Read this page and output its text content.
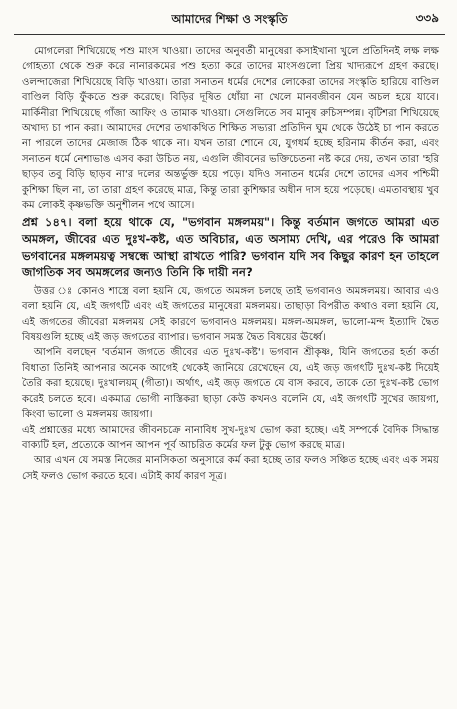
আমাদের শিক্ষা ও সংস্কৃতি	৩৩৯

মোগলেরা শিখিয়েছে পশু মাংস খাওয়া। তাদের অনুবর্তী মানুষেরা কসাইখানা খুলে প্রতিদিনই লক্ষ লক্ষ গোহত্যা থেকে শুরু করে নানারকমের পশু হত্যা করে তাদের মাংসগুলো প্রিয় খাদ্যরূপে গ্রহণ করছে। ওলন্দাজেরা শিখিয়েছে বিড়ি খাওয়া। তারা সনাতন ধর্মের দেশের লোকেরা তাদের সংস্কৃতি হারিয়ে বাণ্ডিল বাণ্ডিল বিড়ি ফুঁকতে শুরু করেছে। বিড়ির দূষিত ধোঁয়া না খেলে মানবজীবন যেন অচল হয়ে যাবে। মার্কিনীরা শিখিয়েছে গাঁজা আফিং ও তামাক খাওয়া। সেগুলিতে সব মানুষ রুচিসম্পন্ন। বৃটিশরা শিখিয়েছে অখাদ্য চা পান করা। আমাদের দেশের তথাকথিত শিক্ষিত সভ্যরা প্রতিদিন ঘুম থেকে উঠেই চা পান করতে না পারলে তাদের মেজাজ ঠিক থাকে না। যখন তারা শোনে যে, যুগধর্ম হচ্ছে হরিনাম কীর্তন করা, এবং সনাতন ধর্মে নেশাভাঙ এসব করা উচিত নয়, এগুলি জীবনের ভক্তিচেতনা নষ্ট করে দেয়, তখন তারা 'হরি ছাড়ব তবু বিড়ি ছাড়ব না'র দলের অন্তর্ভুক্ত হয়ে পড়ে। যদিও সনাতন ধর্মের দেশে তাদের এসব পশ্চিমী কুশিক্ষা ছিল না, তা তারা গ্রহণ করেছে মাত্র, কিন্তু তারা কুশিক্ষার অধীন দাস হয়ে পড়েছে। এমতাবস্থায় খুব কম লোকই কৃষ্ণভক্তি অনুশীলন পথে আসে।

প্রশ্ন ১৪৭। বলা হয়ে থাকে যে, "ভগবান মঙ্গলময়"। কিন্তু বর্তমান জগতে আমরা এত অমঙ্গল, জীবের এত দুঃখ-কষ্ট, এত অবিচার, এত অসাম্য দেখি, এর পরেও কি আমরা ভগবানের মঙ্গলময়ত্ব সম্বন্ধে আস্থা রাখতে পারি? ভগবান যদি সব কিছুর কারণ হন তাহলে জাগতিক সব অমঙ্গলের জন্যও তিনি কি দায়ী নন?

উত্তর ঃ কোনও শাস্ত্রে বলা হয়নি যে, জগতে অমঙ্গল চলছে তাই ভগবানও অমঙ্গলময়। আবার এও বলা হয়নি যে, এই জগৎটি এবং এই জগতের মানুষেরা মঙ্গলময়। তাছাড়া বিপরীত কথাও বলা হয়নি যে, এই জগতের জীবেরা মঙ্গলময় সেই কারণে ভগবানও মঙ্গলময়। মঙ্গল-অমঙ্গল, ভালো-মন্দ ইত্যাদি দ্বৈত বিষয়গুলি হচ্ছে এই জড় জগতের ব্যাপার। ভগবান সমস্ত দ্বৈত বিষয়ের ঊর্ধ্বে।

আপনি বলছেন 'বর্তমান জগতে জীবের এত দুঃখ-কষ্ট'। ভগবান শ্রীকৃষ্ণ, যিনি জগতের হর্তা কর্তা বিধাতা তিনিই আপনার অনেক আগেই থেকেই জানিয়ে রেখেছেন যে, এই জড় জগৎটি দুঃখ-কষ্ট দিয়েই তৈরি করা হয়েছে। দুঃখালয়ম্ (গীতা)। অর্থাৎ, এই জড় জগতে যে বাস করবে, তাকে তো দুঃখ-কষ্ট ভোগ করেই চলতে হবে। একমাত্র ভোগী নাস্তিকরা ছাড়া কেউ কখনও বলেনি যে, এই জগৎটি সুখের জায়গা, কিংবা ভালো ও মঙ্গলময় জায়গা।

এই প্রশ্নাত্তের মধ্যে আমাদের জীবনচক্রে নানাবিধ সুখ-দুঃখ ভোগ করা হচ্ছে। এই সম্পর্কে বৈদিক সিদ্ধান্ত বাক্যটি হল, প্রত্যেকে আপন আপন পূর্ব আচরিত কর্মের ফল টুকু ভোগ করছে মাত্র।

আর এখন যে সমস্ত নিজের মানসিকতা অনুসারে কর্ম করা হচ্ছে তার ফলও সঞ্চিত হচ্ছে এবং এক সময় সেই ফলও ভোগ করতে হবে। এটাই কার্য কারণ সূত্র।
